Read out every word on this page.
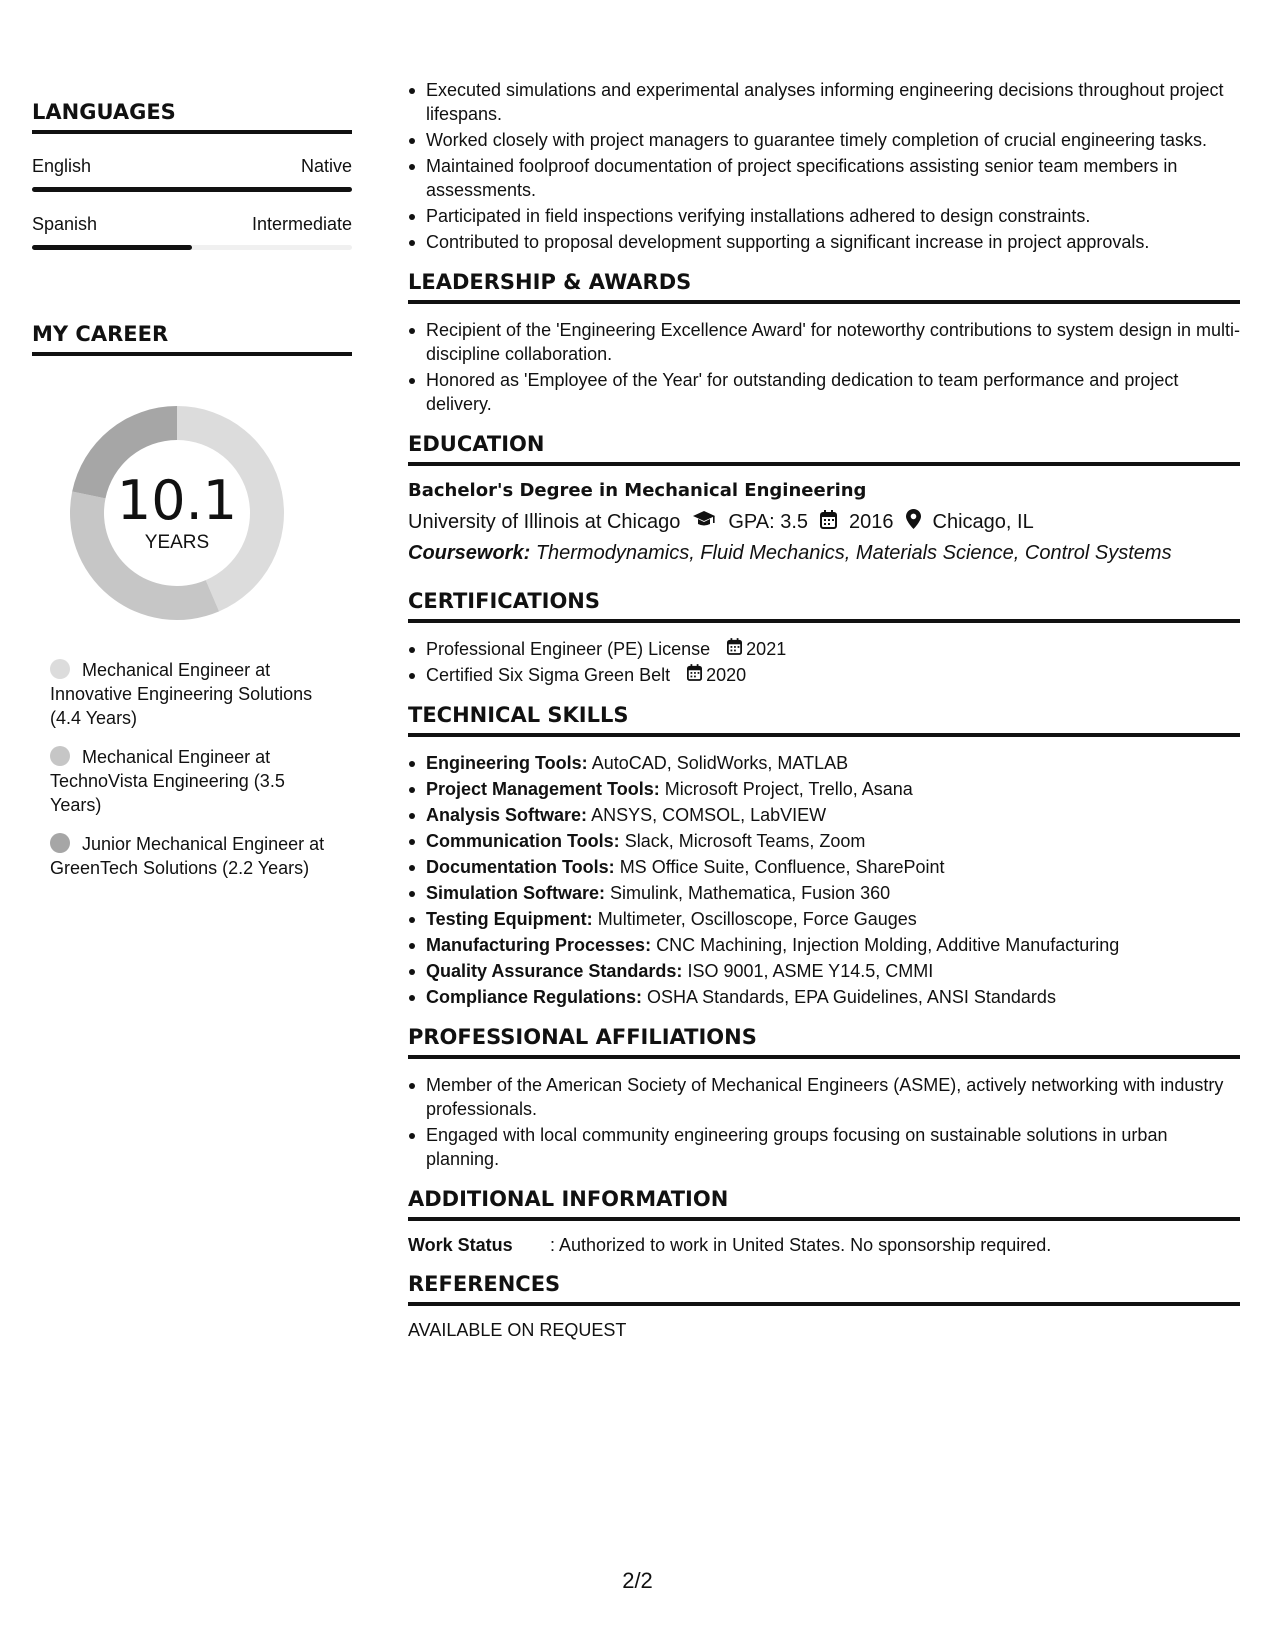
LANGUAGES
English	Native
Spanish	Intermediate
MY CAREER
10.1
YEARS
Mechanical Engineer at Innovative Engineering Solutions (4.4 Years)
Mechanical Engineer at TechnoVista Engineering (3.5 Years)
Junior Mechanical Engineer at GreenTech Solutions (2.2 Years)
Executed simulations and experimental analyses informing engineering decisions throughout project lifespans.
Worked closely with project managers to guarantee timely completion of crucial engineering tasks.
Maintained foolproof documentation of project specifications assisting senior team members in assessments.
Participated in field inspections verifying installations adhered to design constraints.
Contributed to proposal development supporting a significant increase in project approvals.
LEADERSHIP & AWARDS
Recipient of the 'Engineering Excellence Award' for noteworthy contributions to system design in multi-discipline collaboration.
Honored as 'Employee of the Year' for outstanding dedication to team performance and project delivery.
EDUCATION
Bachelor's Degree in Mechanical Engineering
University of Illinois at Chicago GPA: 3.5 2016 Chicago, IL
Coursework: Thermodynamics, Fluid Mechanics, Materials Science, Control Systems
CERTIFICATIONS
Professional Engineer (PE) License 2021
Certified Six Sigma Green Belt 2020
TECHNICAL SKILLS
Engineering Tools: AutoCAD, SolidWorks, MATLAB
Project Management Tools: Microsoft Project, Trello, Asana
Analysis Software: ANSYS, COMSOL, LabVIEW
Communication Tools: Slack, Microsoft Teams, Zoom
Documentation Tools: MS Office Suite, Confluence, SharePoint
Simulation Software: Simulink, Mathematica, Fusion 360
Testing Equipment: Multimeter, Oscilloscope, Force Gauges
Manufacturing Processes: CNC Machining, Injection Molding, Additive Manufacturing
Quality Assurance Standards: ISO 9001, ASME Y14.5, CMMI
Compliance Regulations: OSHA Standards, EPA Guidelines, ANSI Standards
PROFESSIONAL AFFILIATIONS
Member of the American Society of Mechanical Engineers (ASME), actively networking with industry professionals.
Engaged with local community engineering groups focusing on sustainable solutions in urban planning.
ADDITIONAL INFORMATION
Work Status	: Authorized to work in United States. No sponsorship required.
REFERENCES
AVAILABLE ON REQUEST
2/2
